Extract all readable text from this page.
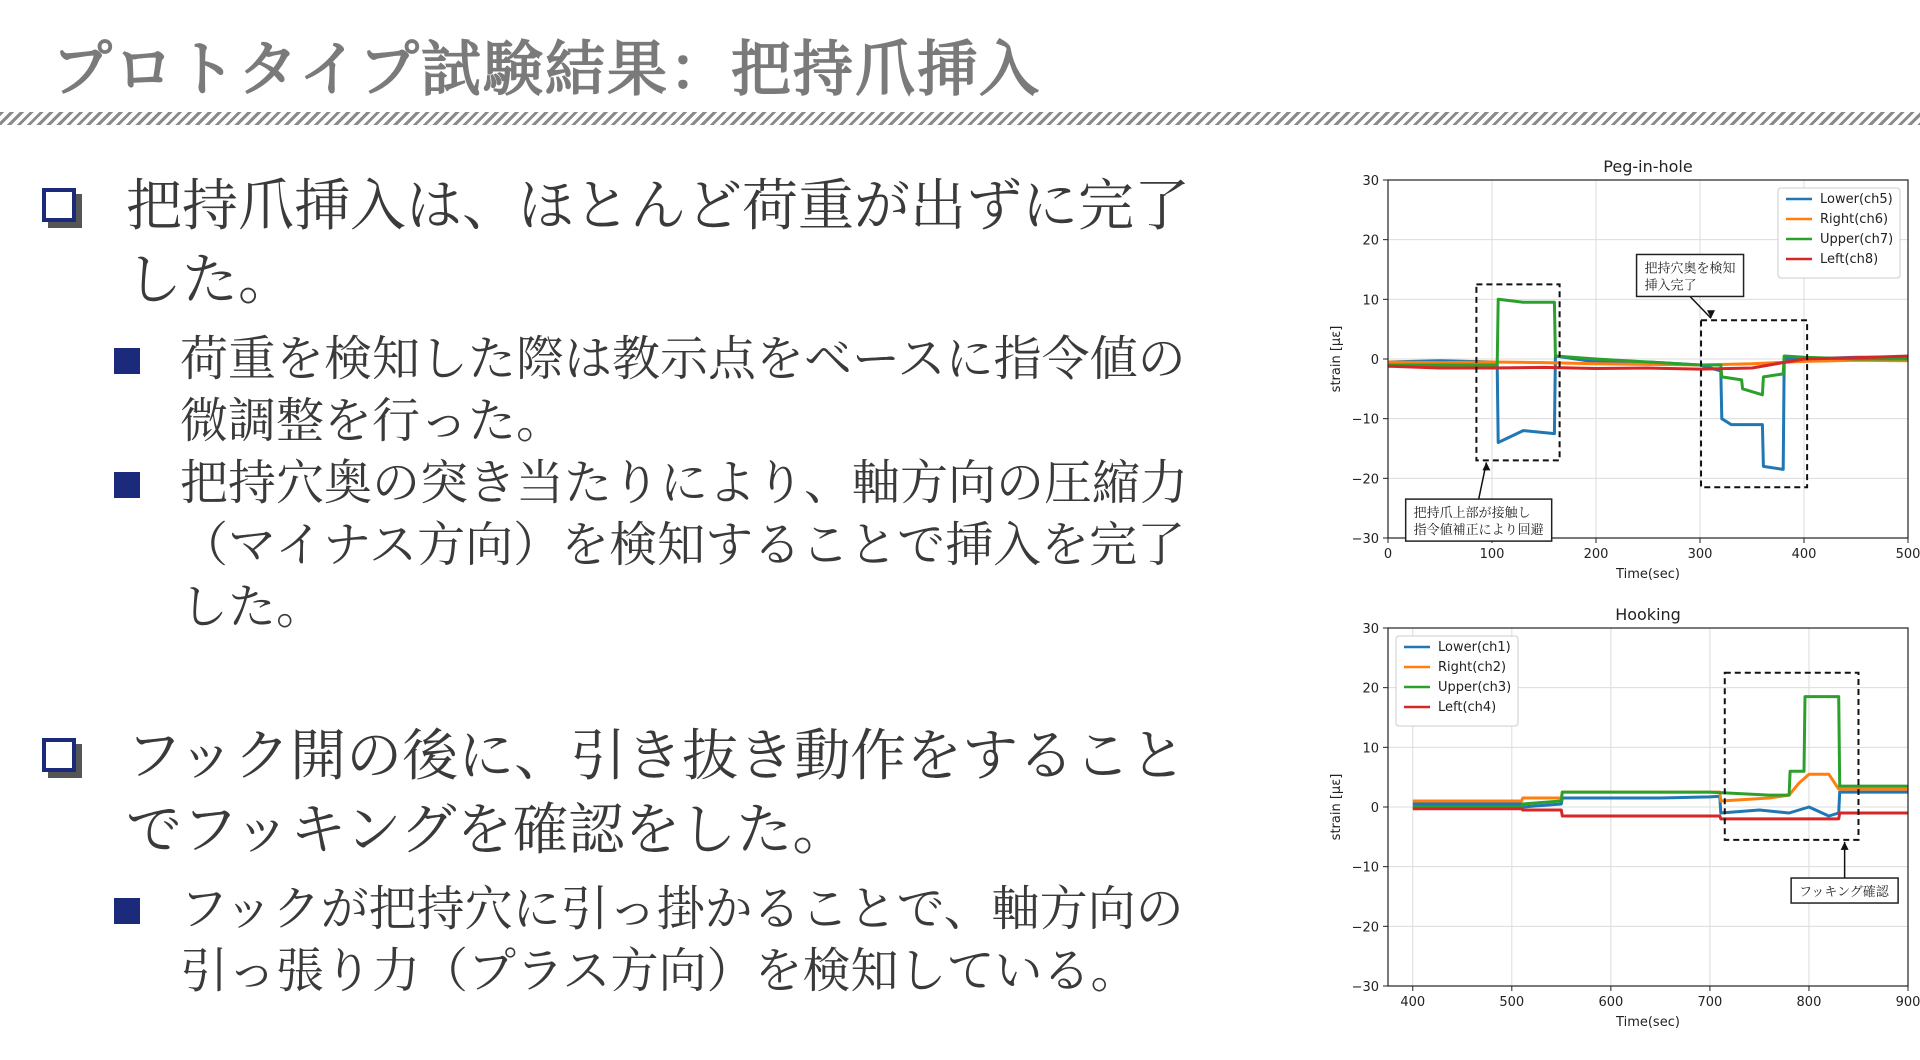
プロトタイプ試験結果：把持爪挿入
把持爪挿入は、ほとんど荷重が出ずに完了
した。
荷重を検知した際は教示点をベースに指令値の
微調整を行った。
把持穴奥の突き当たりにより、軸方向の圧縮力
（マイナス方向）を検知することで挿入を完了
した。
フック開の後に、引き抜き動作をすること
でフッキングを確認をした。
フックが把持穴に引っ掛かることで、軸方向の
引っ張り力（プラス方向）を検知している。
0	100	200	300	400	500
−30
−20
−10
0
10
20
30
Peg-in-hole
Time(sec)
strain [με]
把持爪上部が接触し
指令値補正により回避
把持穴奥を検知
挿入完了
Lower(ch5)
Right(ch6)
Upper(ch7)
Left(ch8)
400	500	600	700	800	900
−30
−20
−10
0
10
20
30
Hooking
Time(sec)
strain [με]
フッキング確認
Lower(ch1)
Right(ch2)
Upper(ch3)
Left(ch4)
